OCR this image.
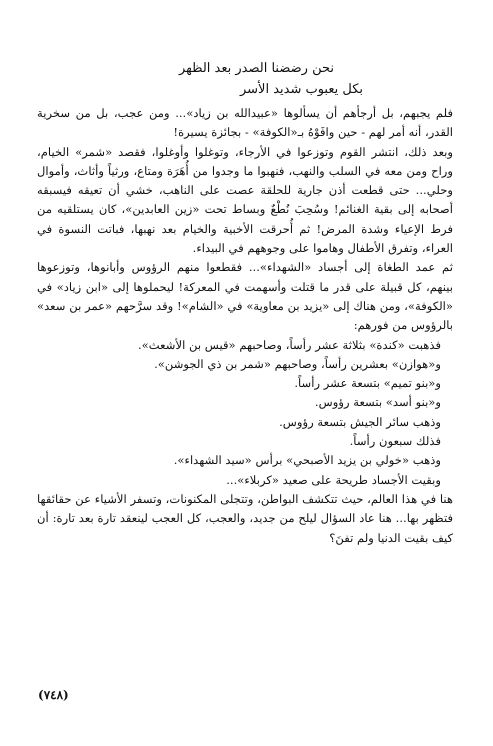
نحن رضضنا الصدر بعد الظهر
بكل يعبوب شديد الأسر

فلم يجبهم، بل أرجأهم أن يسألوها «عبيدالله بن زياد»... ومن عجب، بل من سخرية القدر، أنه أمر لهم - حين وافَوْهُ بـ«الكوفة» - بجائزة يسيرة!

وبعد ذلك، انتشر القوم وتوزعوا في الأرجاء، وتوغلوا وأوغلوا، فقصد «شمر» الخيام، وراح ومن معه في السلب والنهب، فنهبوا ما وجدوا من أُهَرَة ومتاع، ورثياً وأثاث، وأموال وحلي... حتى قطعت أذن جارية للحلقة عصت على الناهب، خشي أن تعيقه فيسبقه أصحابه إلى بقية الغنائم! وسُحِبَ نُطْعٌ وبساط تحت «زين العابدين»، كان يستلقيه من فرط الإعياء وشدة المرض! ثم أُحرقت الأخبية والخيام بعد نهبها، فباتت النسوة في العراء، وتفرق الأطفال وهاموا على وجوههم في البيداء.

ثم عمد الطغاة إلى أجساد «الشهداء»... فقطعوا منهم الرؤوس وأبانوها، وتوزعوها بينهم، كل قبيلة على قدر ما قتلت وأسهمت في المعركة! ليحملوها إلى «ابن زياد» في «الكوفة»، ومن هناك إلى «يزيد بن معاوية» في «الشام»! وقد سرَّحهم «عمر بن سعد» بالرؤوس من فورهم:

فذهبت «كندة» بثلاثة عشر رأساً، وصاحبهم «قيس بن الأشعث».

و«هوازن» بعشرين رأساً، وصاحبهم «شمر بن ذي الجوشن».

و«بنو تميم» بتسعة عشر رأساً.

و«بنو أسد» بتسعة رؤوس.

وذهب سائر الجيش بتسعة رؤوس.

فذلك سبعون رأساً.

وذهب «خولي بن يزيد الأصبحي» برأس «سيد الشهداء».

وبقيت الأجساد طريحة على صعيد «كربلاء»...

هنا في هذا العالم، حيث تتكشف البواطن، وتتجلى المكنونات، وتسفر الأشياء عن حقائقها فتظهر بها... هنا عاد السؤال ليلح من جديد، والعجب، كل العجب لينعقد تارة بعد تارة: أن كيف بقيت الدنيا ولم تفنَ؟

(٧٤٨)
